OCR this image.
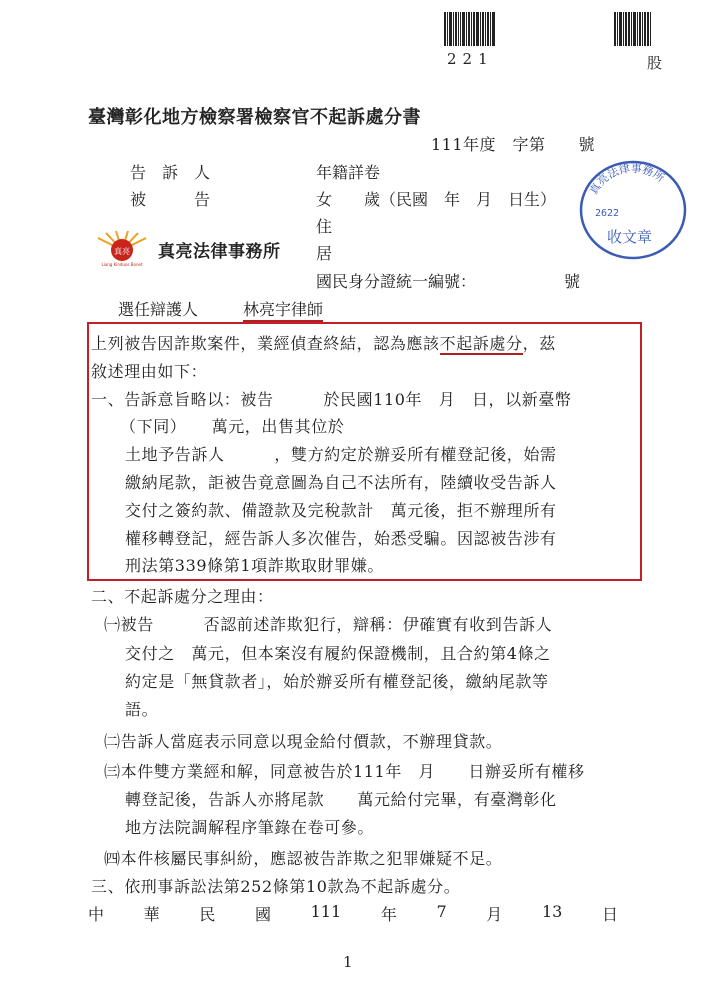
221	股
臺灣彰化地方檢察署檢察官不起訴處分書
111年度　字第　　號
告　訴　人	年籍詳卷
被　　　告	女　　歲（民國　年　月　日生）
住
居
國民身分證統一編號：　　　　　　號
真亮
Liang Kinduos Bonet
真亮法律事務所
真亮法律事務所
2622
收文章
選任辯護人	林亮宇律師
上列被告因詐欺案件，業經偵查終結，認為應該不起訴處分，茲
敘述理由如下：
一、告訴意旨略以：被告　　　於民國110年　月　日，以新臺幣
（下同）　　萬元，出售其位於
土地予告訴人　　　，雙方約定於辦妥所有權登記後，始需
繳納尾款，詎被告竟意圖為自己不法所有，陸續收受告訴人
交付之簽約款、備證款及完稅款計　萬元後，拒不辦理所有
權移轉登記，經告訴人多次催告，始悉受騙。因認被告涉有
刑法第339條第1項詐欺取財罪嫌。
二、不起訴處分之理由：
㈠被告　　　否認前述詐欺犯行，辯稱：伊確實有收到告訴人
交付之　萬元，但本案沒有履約保證機制，且合約第4條之
約定是「無貸款者」，始於辦妥所有權登記後，繳納尾款等
語。
㈡告訴人當庭表示同意以現金給付價款，不辦理貸款。
㈢本件雙方業經和解，同意被告於111年　月　　日辦妥所有權移
轉登記後，告訴人亦將尾款　　萬元給付完畢，有臺灣彰化
地方法院調解程序筆錄在卷可參。
㈣本件核屬民事糾紛，應認被告詐欺之犯罪嫌疑不足。
三、依刑事訴訟法第252條第10款為不起訴處分。
中 華 民 國 111 年 7 月 13 日
1
